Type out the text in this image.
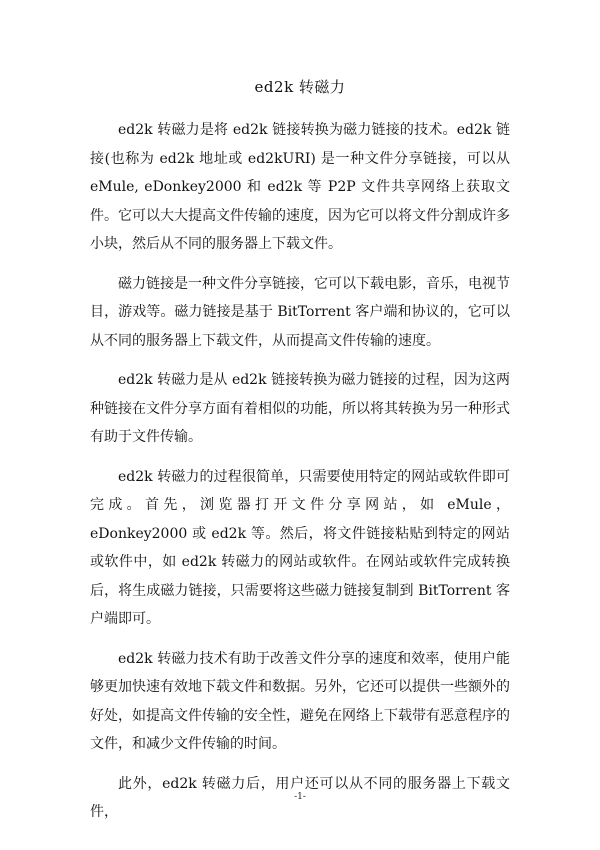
ed2k 转磁力

ed2k 转磁力是将 ed2k 链接转换为磁力链接的技术。ed2k 链接(也称为 ed2k 地址或 ed2kURI) 是一种文件分享链接，可以从 eMule, eDonkey2000 和 ed2k 等 P2P 文件共享网络上获取文件。它可以大大提高文件传输的速度，因为它可以将文件分割成许多小块，然后从不同的服务器上下载文件。

磁力链接是一种文件分享链接，它可以下载电影，音乐，电视节目，游戏等。磁力链接是基于 BitTorrent 客户端和协议的，它可以从不同的服务器上下载文件，从而提高文件传输的速度。

ed2k 转磁力是从 ed2k 链接转换为磁力链接的过程，因为这两种链接在文件分享方面有着相似的功能，所以将其转换为另一种形式有助于文件传输。

ed2k 转磁力的过程很简单，只需要使用特定的网站或软件即可完成。首先，浏览器打开文件分享网站，如 eMule，eDonkey2000 或 ed2k 等。然后，将文件链接粘贴到特定的网站或软件中，如 ed2k 转磁力的网站或软件。在网站或软件完成转换后，将生成磁力链接，只需要将这些磁力链接复制到 BitTorrent 客户端即可。

ed2k 转磁力技术有助于改善文件分享的速度和效率，使用户能够更加快速有效地下载文件和数据。另外，它还可以提供一些额外的好处，如提高文件传输的安全性，避免在网络上下载带有恶意程序的文件，和减少文件传输的时间。

此外，ed2k 转磁力后，用户还可以从不同的服务器上下载文件，

-1-
